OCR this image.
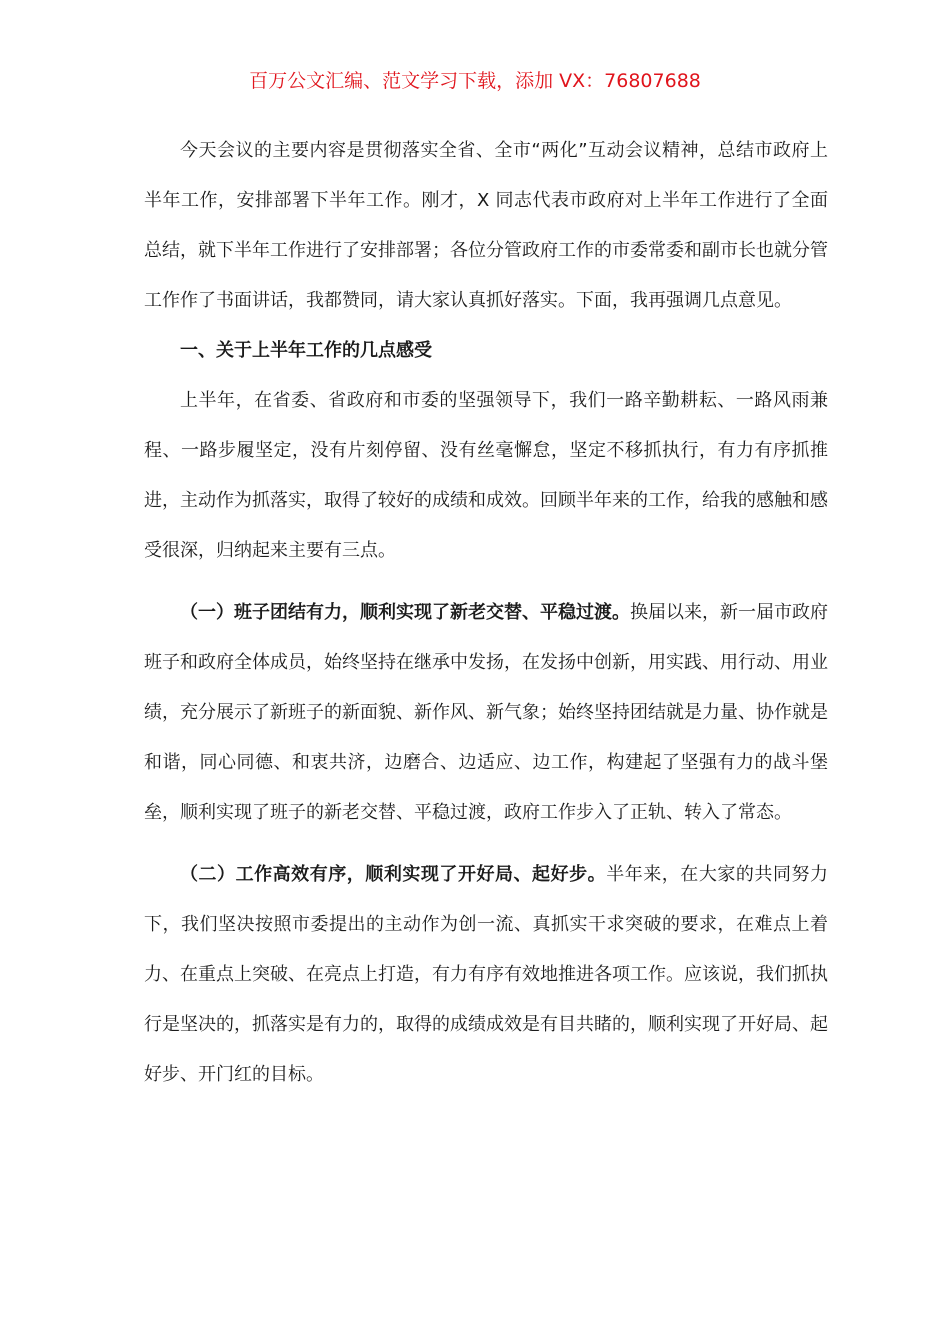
百万公文汇编、范文学习下载，添加 VX：76807688

今天会议的主要内容是贯彻落实全省、全市“两化”互动会议精神，总结市政府上半年工作，安排部署下半年工作。刚才，X 同志代表市政府对上半年工作进行了全面总结，就下半年工作进行了安排部署；各位分管政府工作的市委常委和副市长也就分管工作作了书面讲话，我都赞同，请大家认真抓好落实。下面，我再强调几点意见。

一、关于上半年工作的几点感受

上半年，在省委、省政府和市委的坚强领导下，我们一路辛勤耕耘、一路风雨兼程、一路步履坚定，没有片刻停留、没有丝毫懈怠，坚定不移抓执行，有力有序抓推进，主动作为抓落实，取得了较好的成绩和成效。回顾半年来的工作，给我的感触和感受很深，归纳起来主要有三点。

（一）班子团结有力，顺利实现了新老交替、平稳过渡。换届以来，新一届市政府班子和政府全体成员，始终坚持在继承中发扬，在发扬中创新，用实践、用行动、用业绩，充分展示了新班子的新面貌、新作风、新气象；始终坚持团结就是力量、协作就是和谐，同心同德、和衷共济，边磨合、边适应、边工作，构建起了坚强有力的战斗堡垒，顺利实现了班子的新老交替、平稳过渡，政府工作步入了正轨、转入了常态。

（二）工作高效有序，顺利实现了开好局、起好步。半年来，在大家的共同努力下，我们坚决按照市委提出的主动作为创一流、真抓实干求突破的要求，在难点上着力、在重点上突破、在亮点上打造，有力有序有效地推进各项工作。应该说，我们抓执行是坚决的，抓落实是有力的，取得的成绩成效是有目共睹的，顺利实现了开好局、起好步、开门红的目标。
